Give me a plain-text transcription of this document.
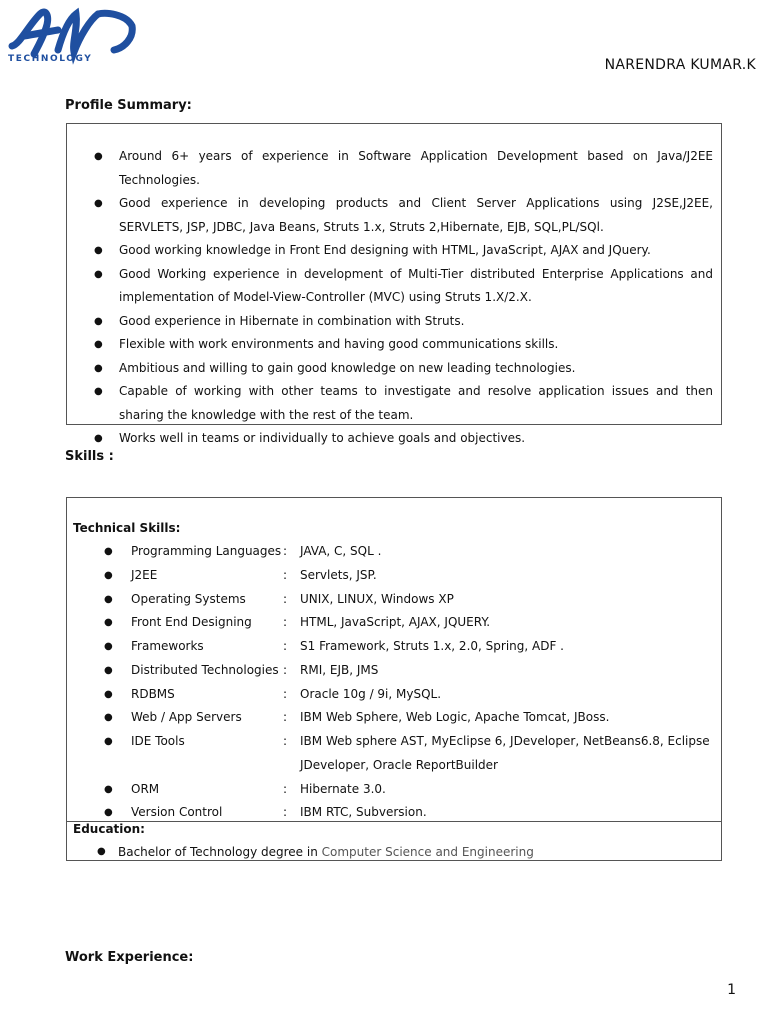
TECHNOLOGY	NARENDRA KUMAR.K
Profile Summary:
● Around 6+ years of experience in Software Application Development based on Java/J2EE Technologies.
● Good experience in developing products and Client Server Applications using J2SE,J2EE, SERVLETS, JSP, JDBC, Java Beans, Struts 1.x, Struts 2,Hibernate, EJB, SQL,PL/SQl.
● Good working knowledge in Front End designing with HTML, JavaScript, AJAX and JQuery.
● Good Working experience in development of Multi-Tier distributed Enterprise Applications and implementation of Model-View-Controller (MVC) using Struts 1.X/2.X.
● Good experience in Hibernate in combination with Struts.
● Flexible with work environments and having good communications skills.
● Ambitious and willing to gain good knowledge on new leading technologies.
● Capable of working with other teams to investigate and resolve application issues and then sharing the knowledge with the rest of the team.
● Works well in teams or individually to achieve goals and objectives.
Skills :
Technical Skills:
● Programming Languages : JAVA, C, SQL .
● J2EE	: Servlets, JSP.
● Operating Systems	: UNIX, LINUX, Windows XP
● Front End Designing	: HTML, JavaScript, AJAX, JQUERY.
● Frameworks	: S1 Framework, Struts 1.x, 2.0, Spring, ADF .
● Distributed Technologies : RMI, EJB, JMS
● RDBMS	: Oracle 10g / 9i, MySQL.
● Web / App Servers	: IBM Web Sphere, Web Logic, Apache Tomcat, JBoss.
● IDE Tools	: IBM Web sphere AST, MyEclipse 6, JDeveloper, NetBeans6.8, Eclipse JDeveloper, Oracle ReportBuilder
● ORM	: Hibernate 3.0.
● Version Control	: IBM RTC, Subversion.
Education:
● Bachelor of Technology degree in Computer Science and Engineering
Work Experience:
1
